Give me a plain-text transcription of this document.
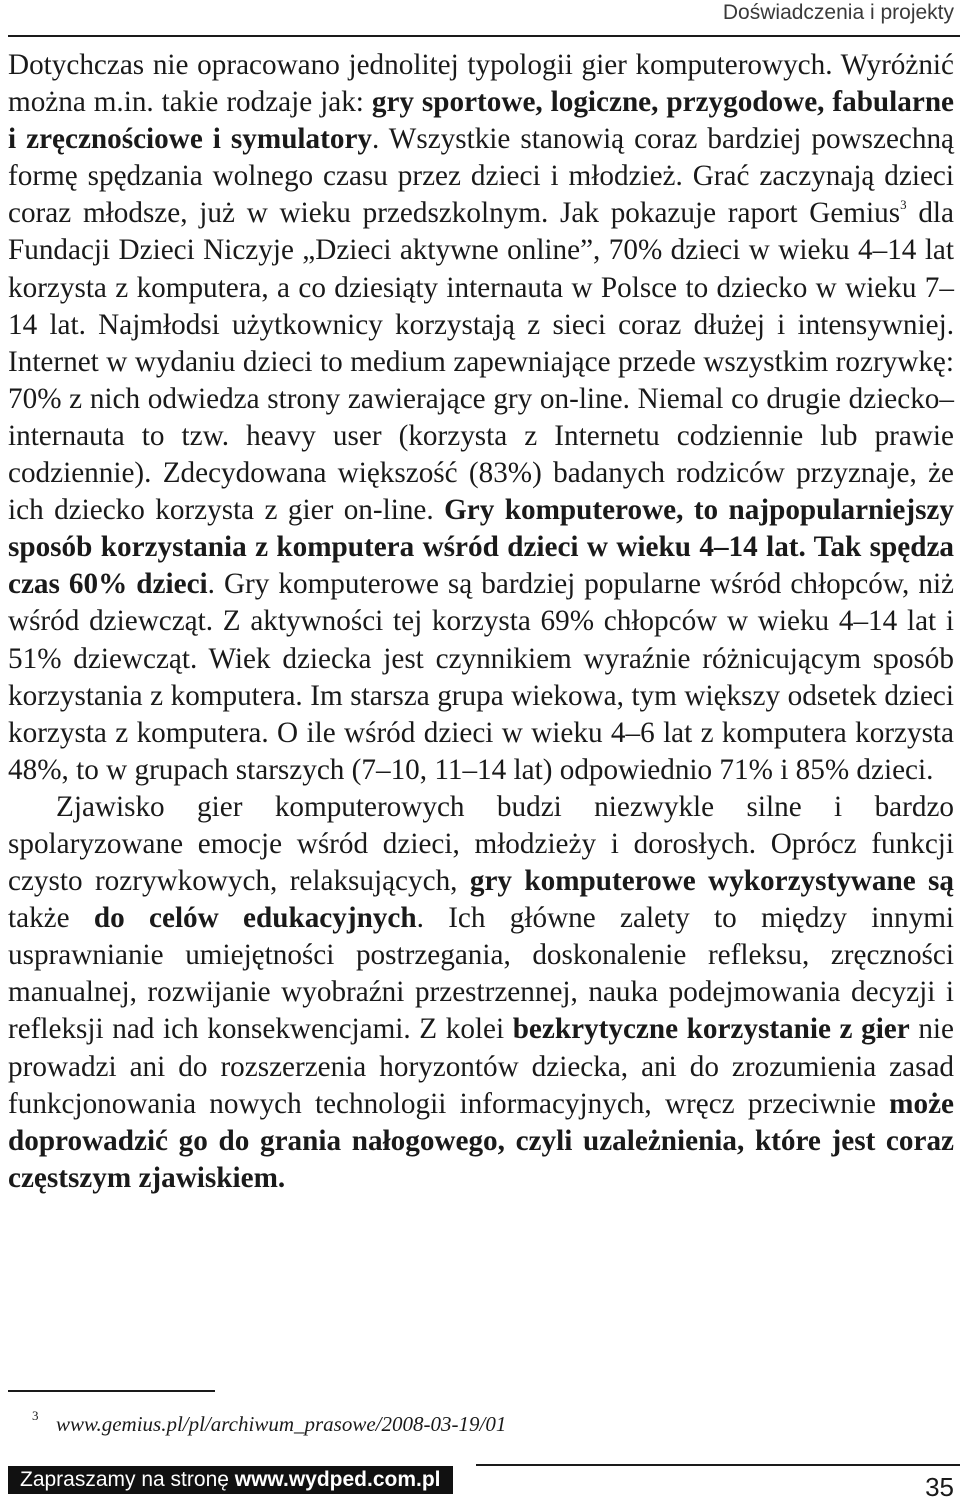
Doświadczenia i projekty

Dotychczas nie opracowano jednolitej typologii gier komputerowych. Wyróżnić można m.in. takie rodzaje jak: gry sportowe, logiczne, przygodowe, fabularne i zręcznościowe i symulatory. Wszystkie stanowią coraz bardziej powszechną formę spędzania wolnego czasu przez dzieci i młodzież. Grać zaczynają dzieci coraz młodsze, już w wieku przedszkolnym. Jak pokazuje raport Gemius$^3$ dla Fundacji Dzieci Niczyje „Dzieci aktywne online”, 70% dzieci w wieku 4–14 lat korzysta z komputera, a co dziesiąty internauta w Polsce to dziecko w wieku 7–14 lat. Najmłodsi użytkownicy korzystają z sieci coraz dłużej i intensywniej. Internet w wydaniu dzieci to medium zapewniające przede wszystkim rozrywkę: 70% z nich odwiedza strony zawierające gry on-line. Niemal co drugie dziecko–internauta to tzw. heavy user (korzysta z Internetu codziennie lub prawie codziennie). Zdecydowana większość (83%) badanych rodziców przyznaje, że ich dziecko korzysta z gier on-line. Gry komputerowe, to najpopularniejszy sposób korzystania z komputera wśród dzieci w wieku 4–14 lat. Tak spędza czas 60% dzieci. Gry komputerowe są bardziej popularne wśród chłopców, niż wśród dziewcząt. Z aktywności tej korzysta 69% chłopców w wieku 4–14 lat i 51% dziewcząt. Wiek dziecka jest czynnikiem wyraźnie różnicującym sposób korzystania z komputera. Im starsza grupa wiekowa, tym większy odsetek dzieci korzysta z komputera. O ile wśród dzieci w wieku 4–6 lat z komputera korzysta 48%, to w grupach starszych (7–10, 11–14 lat) odpowiednio 71% i 85% dzieci.

Zjawisko gier komputerowych budzi niezwykle silne i bardzo spolaryzowane emocje wśród dzieci, młodzieży i dorosłych. Oprócz funkcji czysto rozrywkowych, relaksujących, gry komputerowe wykorzystywane są także do celów edukacyjnych. Ich główne zalety to między innymi usprawnianie umiejętności postrzegania, doskonalenie refleksu, zręczności manualnej, rozwijanie wyobraźni przestrzennej, nauka podejmowania decyzji i refleksji nad ich konsekwencjami. Z kolei bezkrytyczne korzystanie z gier nie prowadzi ani do rozszerzenia horyzontów dziecka, ani do zrozumienia zasad funkcjonowania nowych technologii informacyjnych, wręcz przeciwnie może doprowadzić go do grania nałogowego, czyli uzależnienia, które jest coraz częstszym zjawiskiem.

3 www.gemius.pl/pl/archiwum_prasowe/2008-03-19/01
Zapraszamy na stronę www.wydped.com.pl	35
